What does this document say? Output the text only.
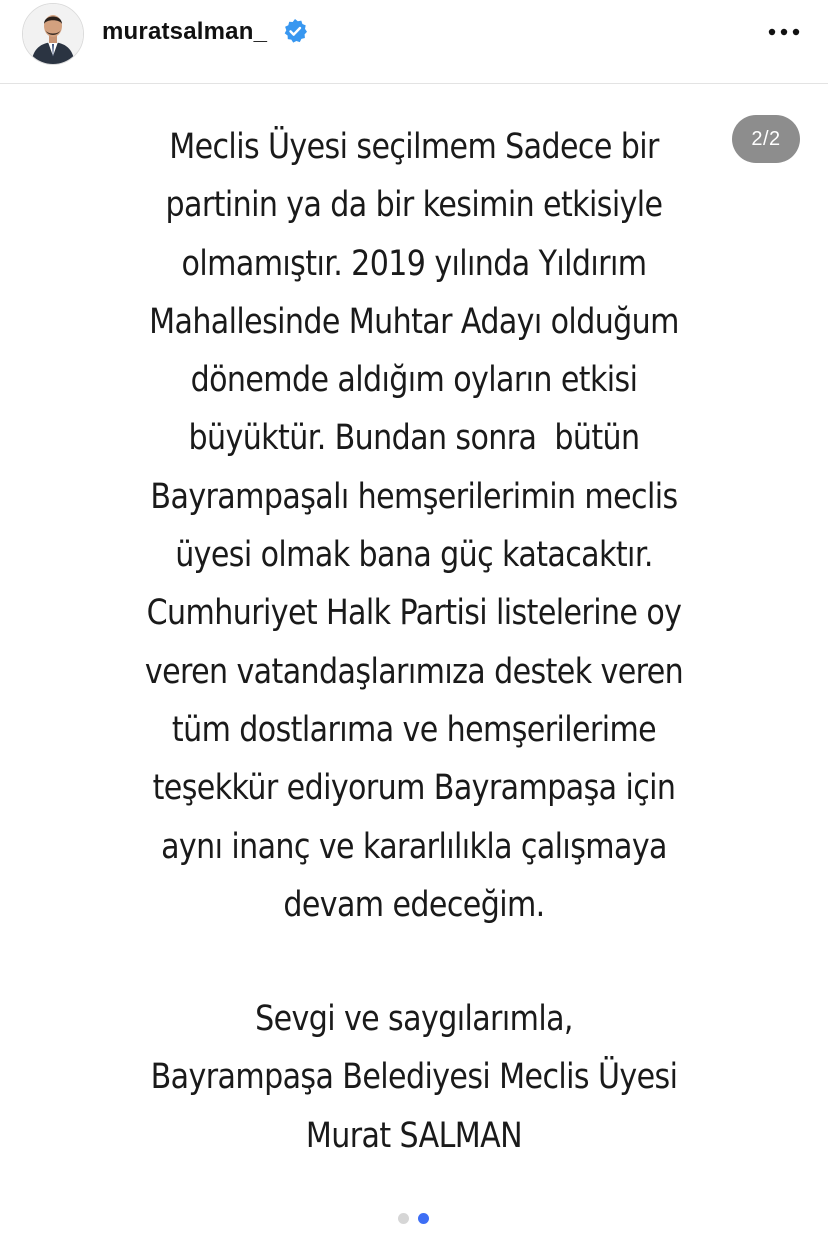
muratsalman_
2/2
Meclis Üyesi seçilmem Sadece bir
partinin ya da bir kesimin etkisiyle
olmamıştır. 2019 yılında Yıldırım
Mahallesinde Muhtar Adayı olduğum
dönemde aldığım oyların etkisi
büyüktür. Bundan sonra  bütün
Bayrampaşalı hemşerilerimin meclis
üyesi olmak bana güç katacaktır.
Cumhuriyet Halk Partisi listelerine oy
veren vatandaşlarımıza destek veren
tüm dostlarıma ve hemşerilerime
teşekkür ediyorum Bayrampaşa için
aynı inanç ve kararlılıkla çalışmaya
devam edeceğim.
Sevgi ve saygılarımla,
Bayrampaşa Belediyesi Meclis Üyesi
Murat SALMAN
